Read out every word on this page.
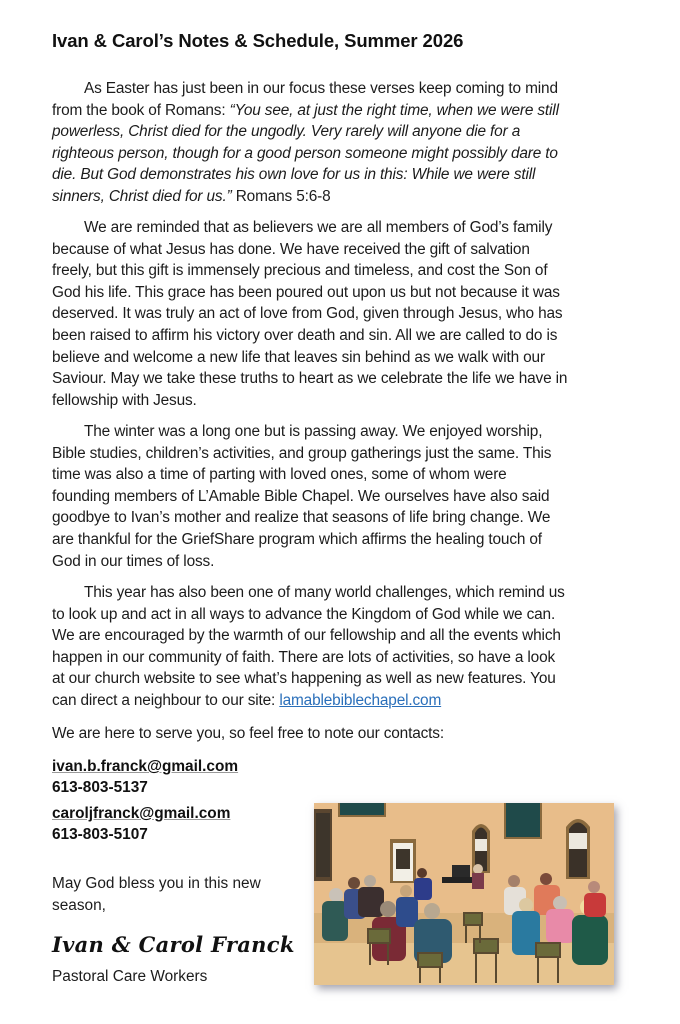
Ivan & Carol’s Notes & Schedule, Summer 2026

As Easter has just been in our focus these verses keep coming to mind
from the book of Romans: “You see, at just the right time, when we were still
powerless, Christ died for the ungodly. Very rarely will anyone die for a
righteous person, though for a good person someone might possibly dare to
die. But God demonstrates his own love for us in this: While we were still
sinners, Christ died for us.” Romans 5:6-8

We are reminded that as believers we are all members of God’s family
because of what Jesus has done. We have received the gift of salvation
freely, but this gift is immensely precious and timeless, and cost the Son of
God his life. This grace has been poured out upon us but not because it was
deserved. It was truly an act of love from God, given through Jesus, who has
been raised to affirm his victory over death and sin. All we are called to do is
believe and welcome a new life that leaves sin behind as we walk with our
Saviour. May we take these truths to heart as we celebrate the life we have in
fellowship with Jesus.

The winter was a long one but is passing away. We enjoyed worship,
Bible studies, children’s activities, and group gatherings just the same. This
time was also a time of parting with loved ones, some of whom were
founding members of L’Amable Bible Chapel. We ourselves have also said
goodbye to Ivan’s mother and realize that seasons of life bring change. We
are thankful for the GriefShare program which affirms the healing touch of
God in our times of loss.

This year has also been one of many world challenges, which remind us
to look up and act in all ways to advance the Kingdom of God while we can.
We are encouraged by the warmth of our fellowship and all the events which
happen in our community of faith. There are lots of activities, so have a look
at our church website to see what’s happening as well as new features. You
can direct a neighbour to our site: lamablebiblechapel.com

We are here to serve you, so feel free to note our contacts:

ivan.b.franck@gmail.com
613-803-5137
caroljfranck@gmail.com
613-803-5107
May God bless you in this new
season,
Ivan & Carol Franck
Pastoral Care Workers
